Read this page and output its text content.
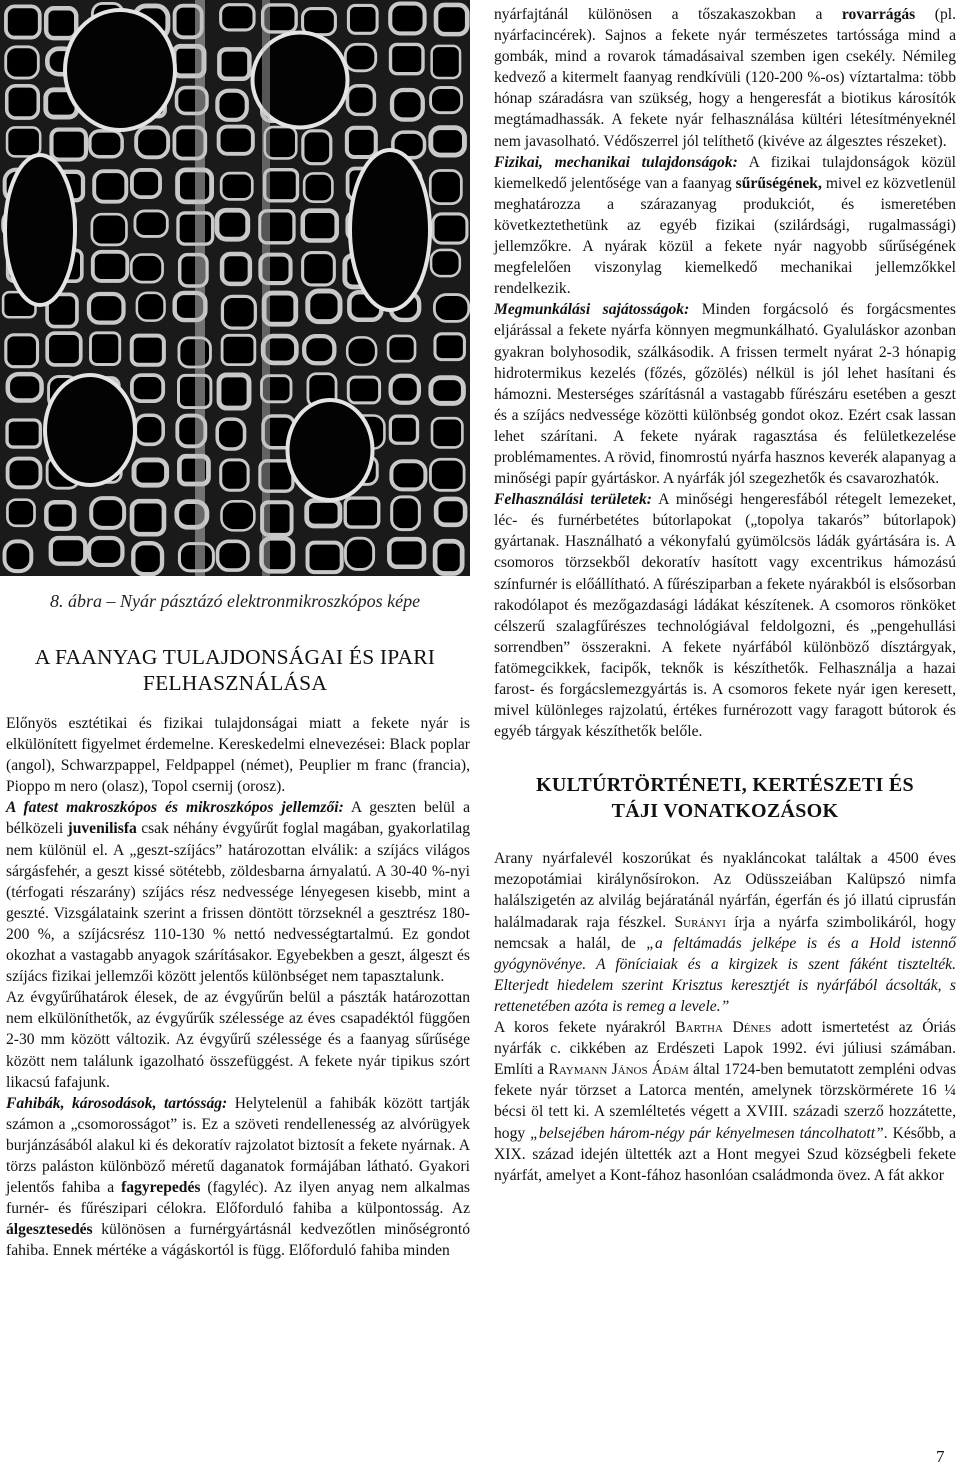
8. ábra – Nyár pásztázó elektronmikroszkópos képe
A FAANYAG TULAJDONSÁGAI ÉS IPARI
FELHASZNÁLÁSA

Előnyös esztétikai és fizikai tulajdonságai miatt a fekete nyár is elkülönített figyelmet érdemelne. Kereskedelmi elnevezései: Black poplar (angol), Schwarzpappel, Feldpappel (német), Peuplier m franc (francia), Pioppo m nero (olasz), Topol csernij (orosz).

A fatest makroszkópos és mikroszkópos jellemzői: A geszten belül a bélközeli juvenilisfa csak néhány évgyűrűt foglal magában, gyakorlatilag nem különül el. A „geszt-szíjács” határozottan elválik: a szíjács világos sárgásfehér, a geszt kissé sötétebb, zöldesbarna árnyalatú. A 30-40 %-nyi (térfogati részarány) szíjács rész nedvessége lényegesen kisebb, mint a geszté. Vizsgálataink szerint a frissen döntött törzseknél a gesztrész 180-200 %, a szíjácsrész 110-130 % nettó nedvességtartalmú. Ez gondot okozhat a vastagabb anyagok szárításakor. Egyebekben a geszt, álgeszt és szíjács fizikai jellemzői között jelentős különbséget nem tapasztalunk.

Az évgyűrűhatárok élesek, de az évgyűrűn belül a pászták határozottan nem elkülöníthetők, az évgyűrűk szélessége az éves csapadéktól függően 2-30 mm között változik. Az évgyűrű szélessége és a faanyag sűrűsége között nem találunk igazolható összefüggést. A fekete nyár tipikus szórt likacsú fafajunk.

Fahibák, károsodások, tartósság: Helytelenül a fahibák között tartják számon a „csomorosságot” is. Ez a szöveti rendellenesség az alvórügyek burjánzásából alakul ki és dekoratív rajzolatot biztosít a fekete nyárnak. A törzs paláston különböző méretű daganatok formájában látható. Gyakori jelentős fahiba a fagyrepedés (fagyléc). Az ilyen anyag nem alkalmas furnér- és fűrészipari célokra. Előforduló fahiba a külpontosság. Az álgesztesedés különösen a furnérgyártásnál kedvezőtlen minőségrontó fahiba. Ennek mértéke a vágáskortól is függ. Előforduló fahiba minden

nyárfajtánál különösen a tőszakaszokban a rovarrágás (pl. nyárfacincérek). Sajnos a fekete nyár természetes tartóssága mind a gombák, mind a rovarok támadásaival szemben igen csekély. Némileg kedvező a kitermelt faanyag rendkívüli (120-200 %-os) víztartalma: több hónap száradásra van szükség, hogy a hengeresfát a biotikus károsítók megtámadhassák. A fekete nyár felhasználása kültéri létesítményeknél nem javasolható. Védőszerrel jól telíthető (kivéve az álgesztes részeket).

Fizikai, mechanikai tulajdonságok: A fizikai tulajdonságok közül kiemelkedő jelentősége van a faanyag sűrűségének, mivel ez közvetlenül meghatározza a szárazanyag produkciót, és ismeretében következtethetünk az egyéb fizikai (szilárdsági, rugalmassági) jellemzőkre. A nyárak közül a fekete nyár nagyobb sűrűségének megfelelően viszonylag kiemelkedő mechanikai jellemzőkkel rendelkezik.

Megmunkálási sajátosságok: Minden forgácsoló és forgácsmentes eljárással a fekete nyárfa könnyen megmunkálható. Gyaluláskor azonban gyakran bolyhosodik, szálkásodik. A frissen termelt nyárat 2-3 hónapig hidrotermikus kezelés (főzés, gőzölés) nélkül is jól lehet hasítani és hámozni. Mesterséges szárításnál a vastagabb fűrészáru esetében a geszt és a szíjács nedvessége közötti különbség gondot okoz. Ezért csak lassan lehet szárítani. A fekete nyárak ragasztása és felületkezelése problémamentes. A rövid, finomrostú nyárfa hasznos keverék alapanyag a minőségi papír gyártáskor. A nyárfák jól szegezhetők és csavarozhatók.

Felhasználási területek: A minőségi hengeresfából rétegelt lemezeket, léc- és furnérbetétes bútorlapokat („topolya takarós” bútorlapok) gyártanak. Használható a vékonyfalú gyümölcsös ládák gyártására is. A csomoros törzsekből dekoratív hasított vagy excentrikus hámozású színfurnér is előállítható. A fűrésziparban a fekete nyárakból is elsősorban rakodólapot és mezőgazdasági ládákat készítenek. A csomoros rönköket célszerű szalagfűrészes technológiával feldolgozni, és „pengehullási sorrendben” összerakni. A fekete nyárfából különböző dísztárgyak, fatömegcikkek, facipők, teknők is készíthetők. Felhasználja a hazai farost- és forgácslemezgyártás is. A csomoros fekete nyár igen keresett, mivel különleges rajzolatú, értékes furnérozott vagy faragott bútorok és egyéb tárgyak készíthetők belőle.

KULTÚRTÖRTÉNETI, KERTÉSZETI ÉS
TÁJI VONATKOZÁSOK

Arany nyárfalevél koszorúkat és nyakláncokat találtak a 4500 éves mezopotámiai királynősírokon. Az Odüsszeiában Kalüpszó nimfa halálszigetén az alvilág bejáratánál nyárfán, égerfán és jó illatú ciprusfán halálmadarak raja fészkel. Surányi írja a nyárfa szimbolikáról, hogy nemcsak a halál, de „a feltámadás jelképe is és a Hold istennő gyógynövénye. A föníciaiak és a kirgizek is szent fáként tisztelték. Elterjedt hiedelem szerint Krisztus keresztjét is nyárfából ácsolták, s rettenetében azóta is remeg a levele.”

A koros fekete nyárakról Bartha Dénes adott ismertetést az Óriás nyárfák c. cikkében az Erdészeti Lapok 1992. évi júliusi számában. Említi a Raymann János Ádám által 1724-ben bemutatott zempléni odvas fekete nyár törzset a Latorca mentén, amelynek törzskörmérete 16 ¼ bécsi öl tett ki. A szemléltetés végett a XVIII. századi szerző hozzátette, hogy „belsejében három-négy pár kényelmesen táncolhatott”. Később, a XIX. század idején ültették azt a Hont megyei Szud községbeli fekete nyárfát, amelyet a Kont-fához hasonlóan családmonda övez. A fát akkor

7
